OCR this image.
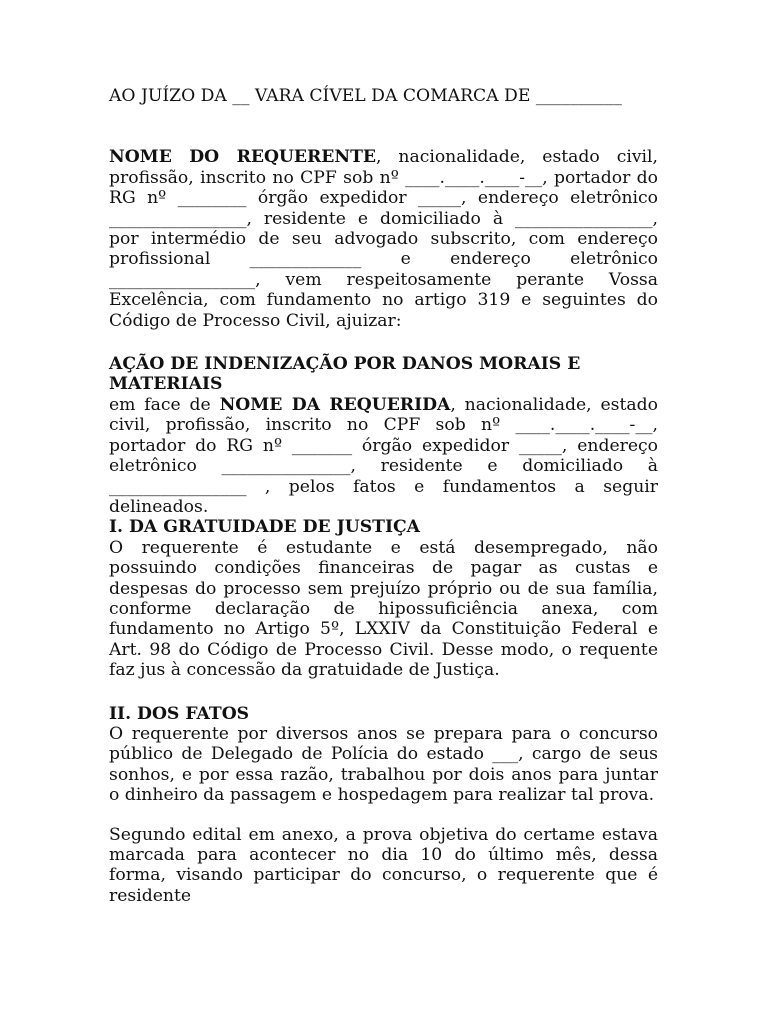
AO JUÍZO DA __ VARA CÍVEL DA COMARCA DE __________

NOME DO REQUERENTE, nacionalidade, estado civil, profissão, inscrito no CPF sob nº ____.____.____-__, portador do RG nº ________ órgão expedidor _____, endereço eletrônico ________________, residente e domiciliado à ________________, por intermédio de seu advogado subscrito, com endereço profissional _____________ e endereço eletrônico _________________, vem respeitosamente perante Vossa Excelência, com fundamento no artigo 319 e seguintes do Código de Processo Civil, ajuizar:

AÇÃO DE INDENIZAÇÃO POR DANOS MORAIS E MATERIAIS

em face de NOME DA REQUERIDA, nacionalidade, estado civil, profissão, inscrito no CPF sob nº ____.____.____-__, portador do RG nº _______ órgão expedidor _____, endereço eletrônico _______________, residente e domiciliado à ________________ , pelos fatos e fundamentos a seguir delineados.

I. DA GRATUIDADE DE JUSTIÇA

O requerente é estudante e está desempregado, não possuindo condições financeiras de pagar as custas e despesas do processo sem prejuízo próprio ou de sua família, conforme declaração de hipossuficiência anexa, com fundamento no Artigo 5º, LXXIV da Constituição Federal e Art. 98 do Código de Processo Civil. Desse modo, o requente faz jus à concessão da gratuidade de Justiça.

II. DOS FATOS

O requerente por diversos anos se prepara para o concurso público de Delegado de Polícia do estado ___, cargo de seus sonhos, e por essa razão, trabalhou por dois anos para juntar o dinheiro da passagem e hospedagem para realizar tal prova.

Segundo edital em anexo, a prova objetiva do certame estava marcada para acontecer no dia 10 do último mês, dessa forma, visando participar do concurso, o requerente que é residente
